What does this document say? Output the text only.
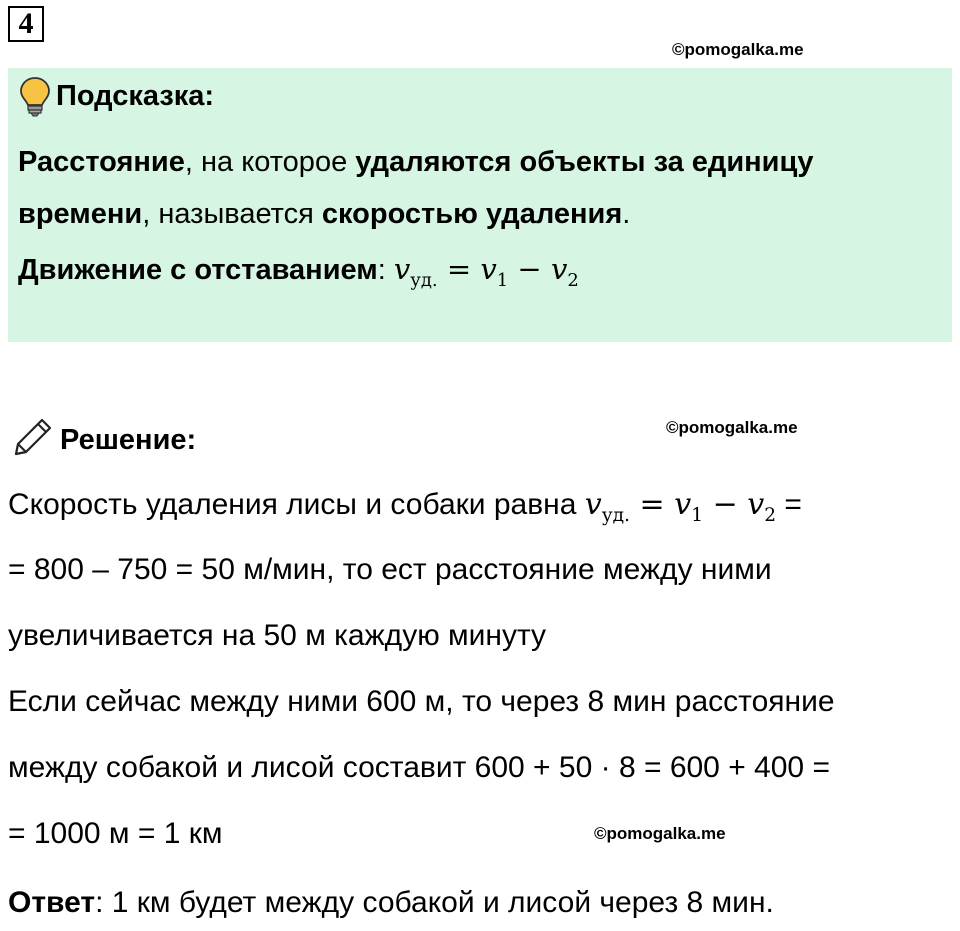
4
©pomogalka.me
Подсказка:
Расстояние, на которое удаляются объекты за единицу
времени, называется скоростью удаления.
Движение с отставанием: $v_{уд.} = v_1 - v_2$
Решение:	©pomogalka.me
Скорость удаления лисы и собаки равна $v_{уд.} = v_1 - v_2$ =
= 800 – 750 = 50 м/мин, то ест расстояние между ними
увеличивается на 50 м каждую минуту
Если сейчас между ними 600 м, то через 8 мин расстояние
между собакой и лисой составит 600 + 50 · 8 = 600 + 400 =
= 1000 м = 1 км	©pomogalka.me
Ответ: 1 км будет между собакой и лисой через 8 мин.
